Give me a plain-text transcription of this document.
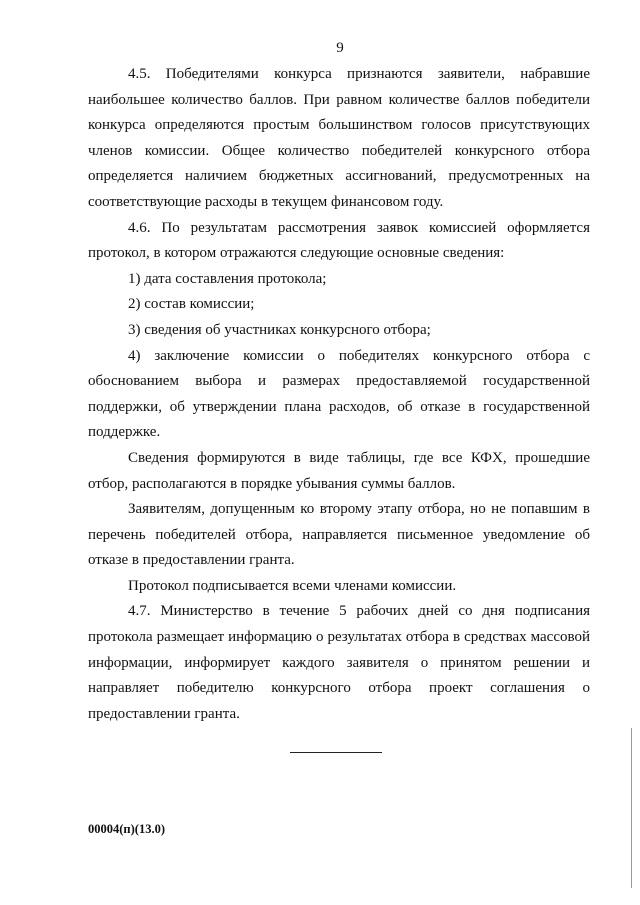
9

4.5. Победителями конкурса признаются заявители, набравшие наибольшее количество баллов. При равном количестве баллов победители конкурса определяются простым большинством голосов присутствующих членов комиссии. Общее количество победителей конкурсного отбора определяется наличием бюджетных ассигнований, предусмотренных на соответствующие расходы в текущем финансовом году.

4.6. По результатам рассмотрения заявок комиссией оформляется протокол, в котором отражаются следующие основные сведения:

1) дата составления протокола;

2) состав комиссии;

3) сведения об участниках конкурсного отбора;

4) заключение комиссии о победителях конкурсного отбора с обоснованием выбора и размерах предоставляемой государственной поддержки, об утверждении плана расходов, об отказе в государственной поддержке.

Сведения формируются в виде таблицы, где все КФХ, прошедшие отбор, располагаются в порядке убывания суммы баллов.

Заявителям, допущенным ко второму этапу отбора, но не попавшим в перечень победителей отбора, направляется письменное уведомление об отказе в предоставлении гранта.

Протокол подписывается всеми членами комиссии.

4.7. Министерство в течение 5 рабочих дней со дня подписания протокола размещает информацию о результатах отбора в средствах массовой информации, информирует каждого заявителя о принятом решении и направляет победителю конкурсного отбора проект соглашения о предоставлении гранта.

00004(п)(13.0)
